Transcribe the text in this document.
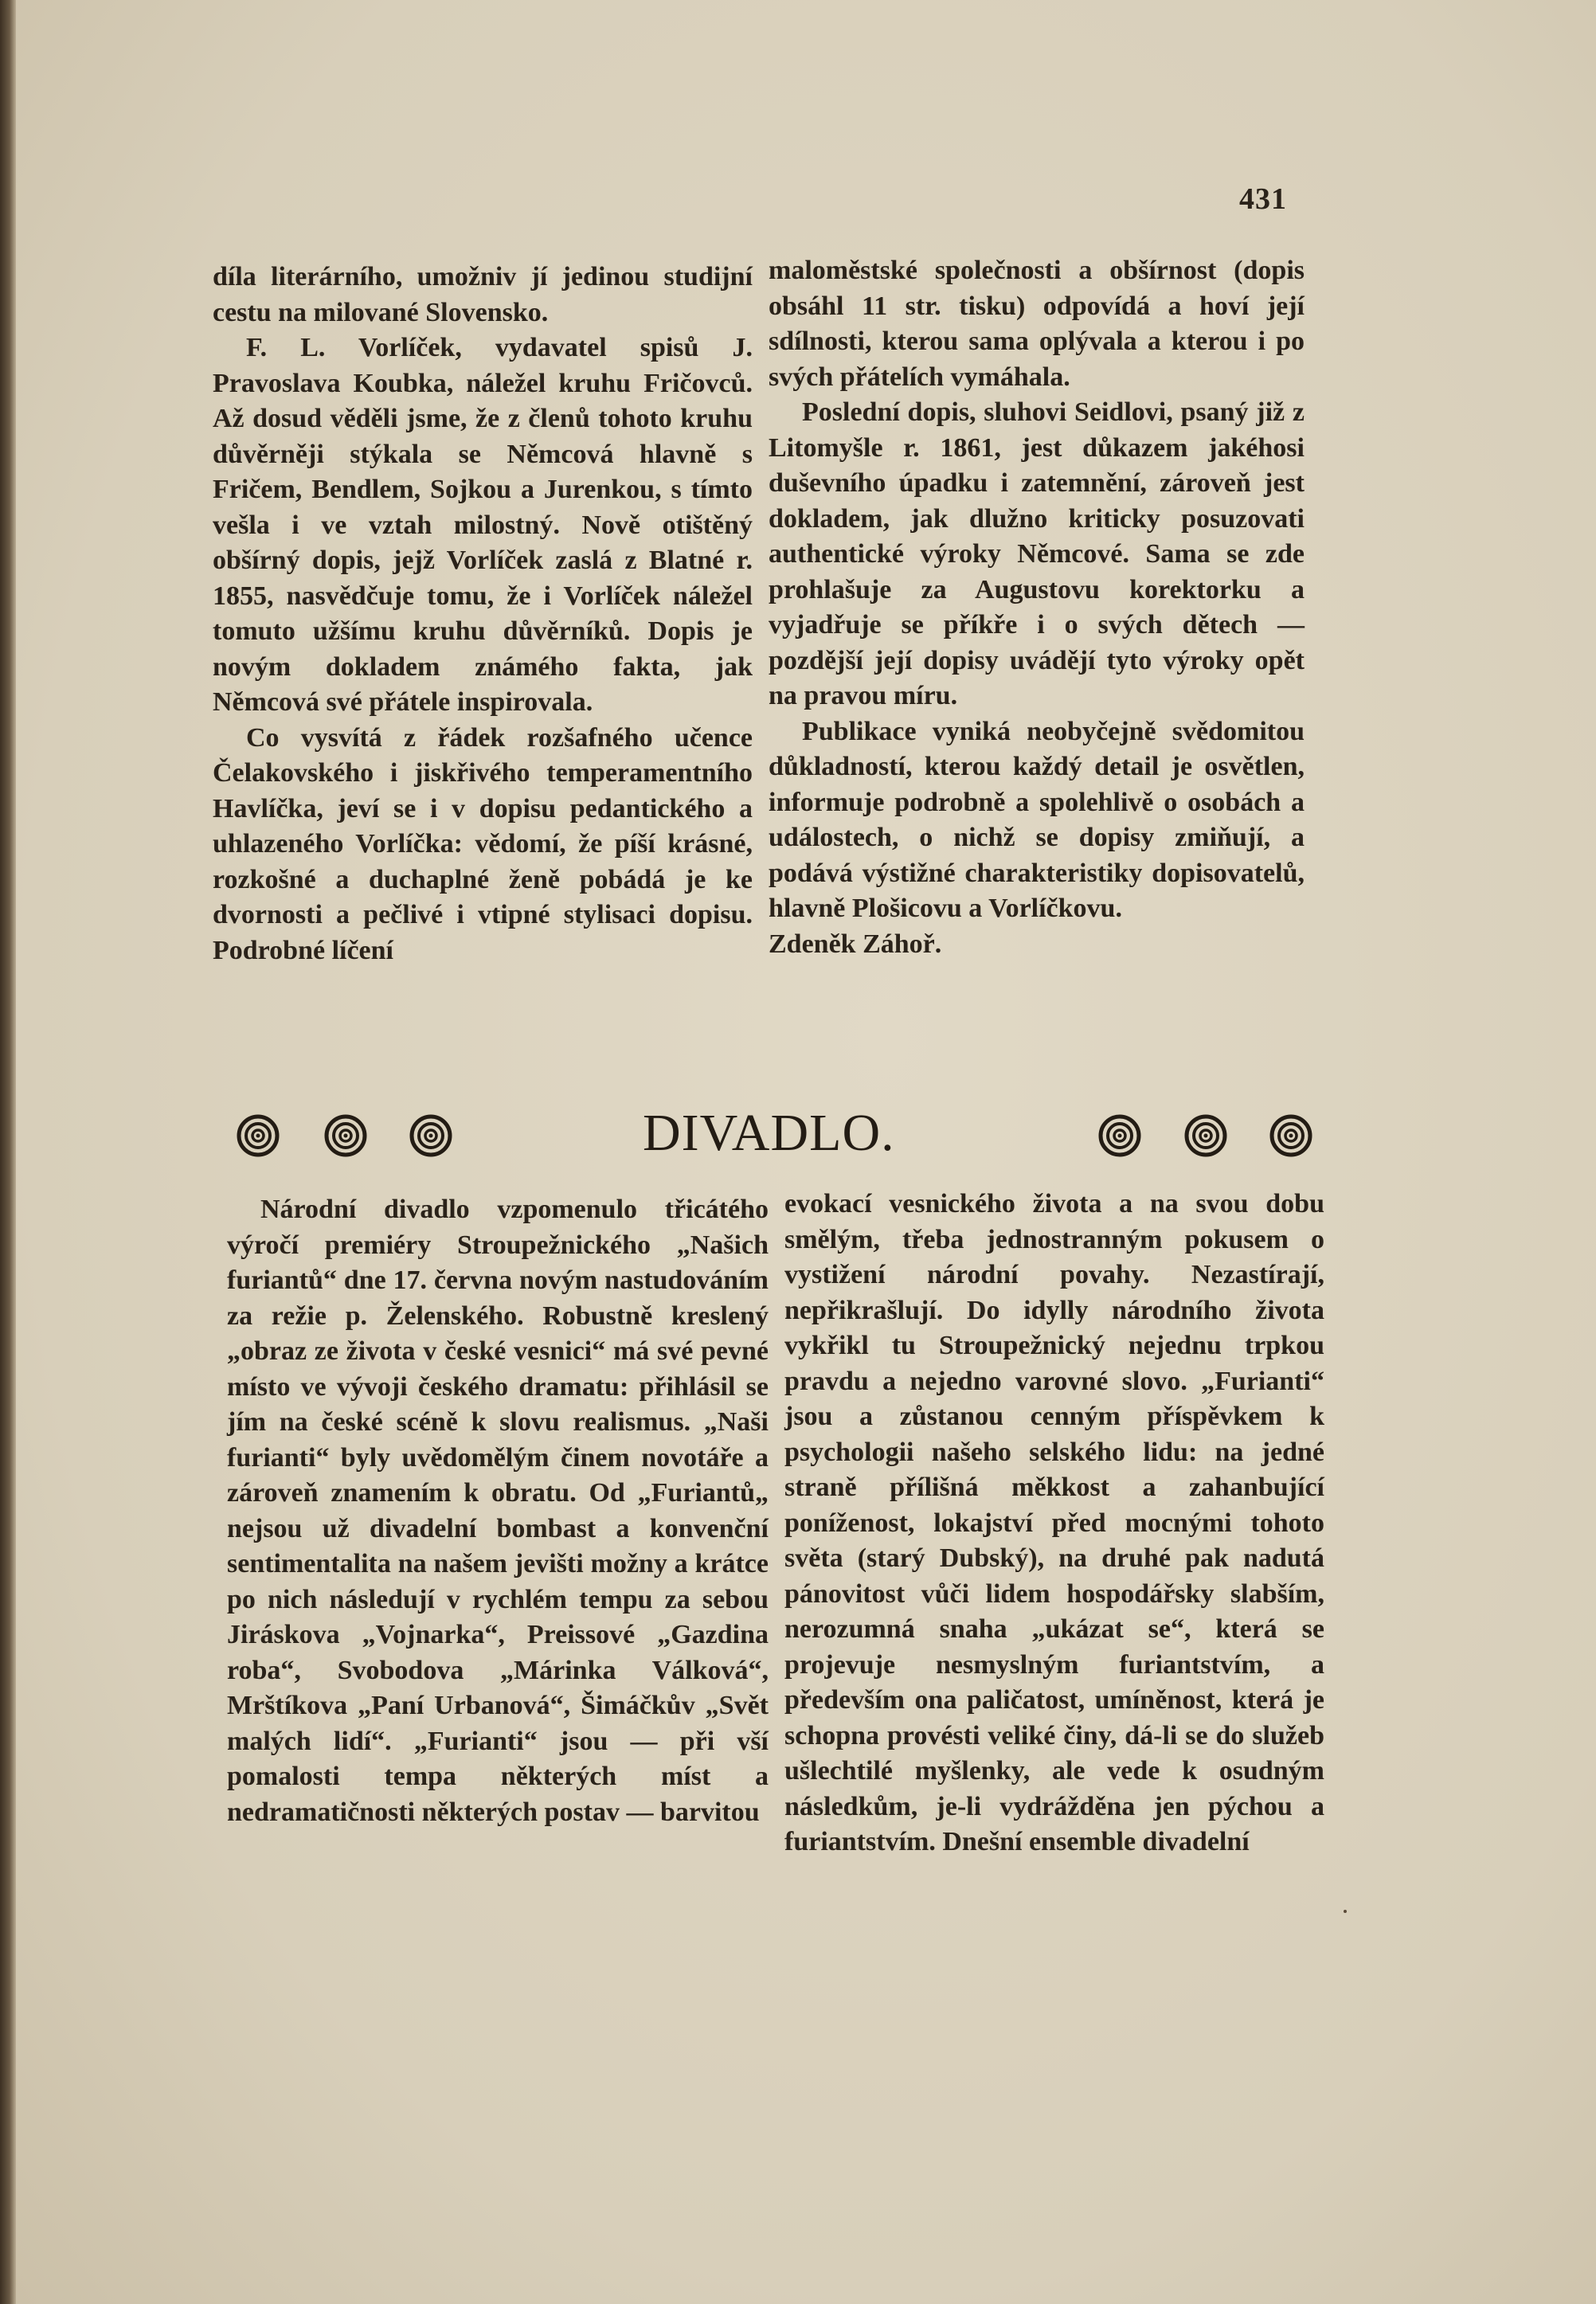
431

díla literárního, umožniv jí jedinou studijní cestu na milované Slovensko.

F. L. Vorlíček, vydavatel spisů J. Pravoslava Koubka, náležel kruhu Fričovců. Až dosud věděli jsme, že z členů tohoto kruhu důvěrněji stýkala se Němcová hlavně s Fričem, Bendlem, Sojkou a Jurenkou, s tímto vešla i ve vztah milostný. Nově otištěný obšírný dopis, jejž Vorlíček zaslá z Blatné r. 1855, nasvědčuje tomu, že i Vorlíček náležel tomuto užšímu kruhu důvěrníků. Dopis je novým dokladem známého fakta, jak Němcová své přátele inspirovala.

Co vysvítá z řádek rozšafného učence Čelakovského i jiskřivého temperamentního Havlíčka, jeví se i v dopisu pedantického a uhlazeného Vorlíčka: vědomí, že píší krásné, rozkošné a duchaplné ženě pobádá je ke dvornosti a pečlivé i vtipné stylisaci dopisu. Podrobné líčení

maloměstské společnosti a obšírnost (dopis obsáhl 11 str. tisku) odpovídá a hoví její sdílnosti, kterou sama oplývala a kterou i po svých přátelích vymáhala.

Poslední dopis, sluhovi Seidlovi, psaný již z Litomyšle r. 1861, jest důkazem jakéhosi duševního úpadku i zatemnění, zároveň jest dokladem, jak dlužno kriticky posuzovati authentické výroky Němcové. Sama se zde prohlašuje za Augustovu korektorku a vyjadřuje se příkře i o svých dětech — pozdější její dopisy uvádějí tyto výroky opět na pravou míru.

Publikace vyniká neobyčejně svědomitou důkladností, kterou každý detail je osvětlen, informuje podrobně a spolehlivě o osobách a událostech, o nichž se dopisy zmiňují, a podává výstižné charakteristiky dopisovatelů, hlavně Plošicovu a Vorlíčkovu.

Zdeněk Záhoř.

DIVADLO.

Národní divadlo vzpomenulo třicátého výročí premiéry Stroupežnického „Našich furiantů“ dne 17. června novým nastudováním za režie p. Želenského. Robustně kreslený „obraz ze života v české vesnici“ má své pevné místo ve vývoji českého dramatu: přihlásil se jím na české scéně k slovu realismus. „Naši furianti“ byly uvědomělým činem novotáře a zároveň znamením k obratu. Od „Furiantů„ nejsou už divadelní bombast a konvenční sentimentalita na našem jevišti možny a krátce po nich následují v rychlém tempu za sebou Jiráskova „Vojnarka“, Preissové „Gazdina roba“, Svobodova „Márinka Válková“, Mrštíkova „Paní Urbanová“, Šimáčkův „Svět malých lidí“. „Furianti“ jsou — při vší pomalosti tempa některých míst a nedramatičnosti některých postav — barvitou

evokací vesnického života a na svou dobu smělým, třeba jednostranným pokusem o vystižení národní povahy. Nezastírají, nepřikrašlují. Do idylly národního života vykřikl tu Stroupežnický nejednu trpkou pravdu a nejedno varovné slovo. „Furianti“ jsou a zůstanou cenným příspěvkem k psychologii našeho selského lidu: na jedné straně přílišná měkkost a zahanbující poníženost, lokajství před mocnými tohoto světa (starý Dubský), na druhé pak nadutá pánovitost vůči lidem hospodářsky slabším, nerozumná snaha „ukázat se“, která se projevuje nesmyslným furiantstvím, a především ona paličatost, umíněnost, která je schopna provésti veliké činy, dá-li se do služeb ušlechtilé myšlenky, ale vede k osudným následkům, je-li vydrážděna jen pýchou a furiantstvím. Dnešní ensemble divadelní
